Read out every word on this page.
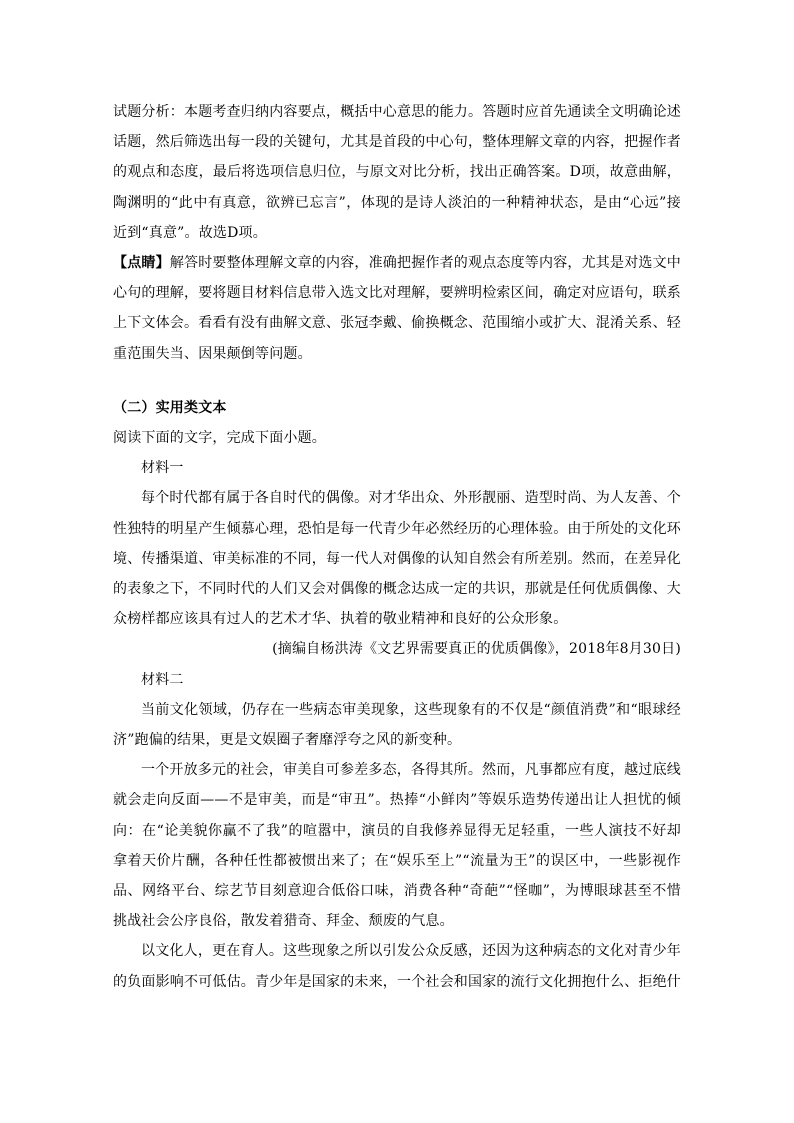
试题分析：本题考查归纳内容要点，概括中心意思的能力。答题时应首先通读全文明确论述话题，然后筛选出每一段的关键句，尤其是首段的中心句，整体理解文章的内容，把握作者的观点和态度，最后将选项信息归位，与原文对比分析，找出正确答案。D项，故意曲解，陶渊明的“此中有真意，欲辨已忘言”，体现的是诗人淡泊的一种精神状态，是由“心远”接近到“真意”。故选D项。

【点睛】解答时要整体理解文章的内容，准确把握作者的观点态度等内容，尤其是对选文中心句的理解，要将题目材料信息带入选文比对理解，要辨明检索区间，确定对应语句，联系上下文体会。看看有没有曲解文意、张冠李戴、偷换概念、范围缩小或扩大、混淆关系、轻重范围失当、因果颠倒等问题。

（二）实用类文本

阅读下面的文字，完成下面小题。

材料一

每个时代都有属于各自时代的偶像。对才华出众、外形靓丽、造型时尚、为人友善、个性独特的明星产生倾慕心理，恐怕是每一代青少年必然经历的心理体验。由于所处的文化环境、传播渠道、审美标准的不同，每一代人对偶像的认知自然会有所差别。然而，在差异化的表象之下，不同时代的人们又会对偶像的概念达成一定的共识，那就是任何优质偶像、大众榜样都应该具有过人的艺术才华、执着的敬业精神和良好的公众形象。

(摘编自杨洪涛《文艺界需要真正的优质偶像》，2018年8月30日)

材料二

当前文化领域，仍存在一些病态审美现象，这些现象有的不仅是“颜值消费”和“眼球经济”跑偏的结果，更是文娱圈子奢靡浮夸之风的新变种。

一个开放多元的社会，审美自可参差多态，各得其所。然而，凡事都应有度，越过底线就会走向反面——不是审美，而是“审丑”。热捧“小鲜肉”等娱乐造势传递出让人担忧的倾向：在“论美貌你赢不了我”的喧嚣中，演员的自我修养显得无足轻重，一些人演技不好却拿着天价片酬，各种任性都被惯出来了；在“娱乐至上”“流量为王”的误区中，一些影视作品、网络平台、综艺节目刻意迎合低俗口味，消费各种“奇葩”“怪咖”，为博眼球甚至不惜挑战社会公序良俗，散发着猎奇、拜金、颓废的气息。

以文化人，更在育人。这些现象之所以引发公众反感，还因为这种病态的文化对青少年的负面影响不可低估。青少年是国家的未来，一个社会和国家的流行文化拥抱什么、拒绝什
